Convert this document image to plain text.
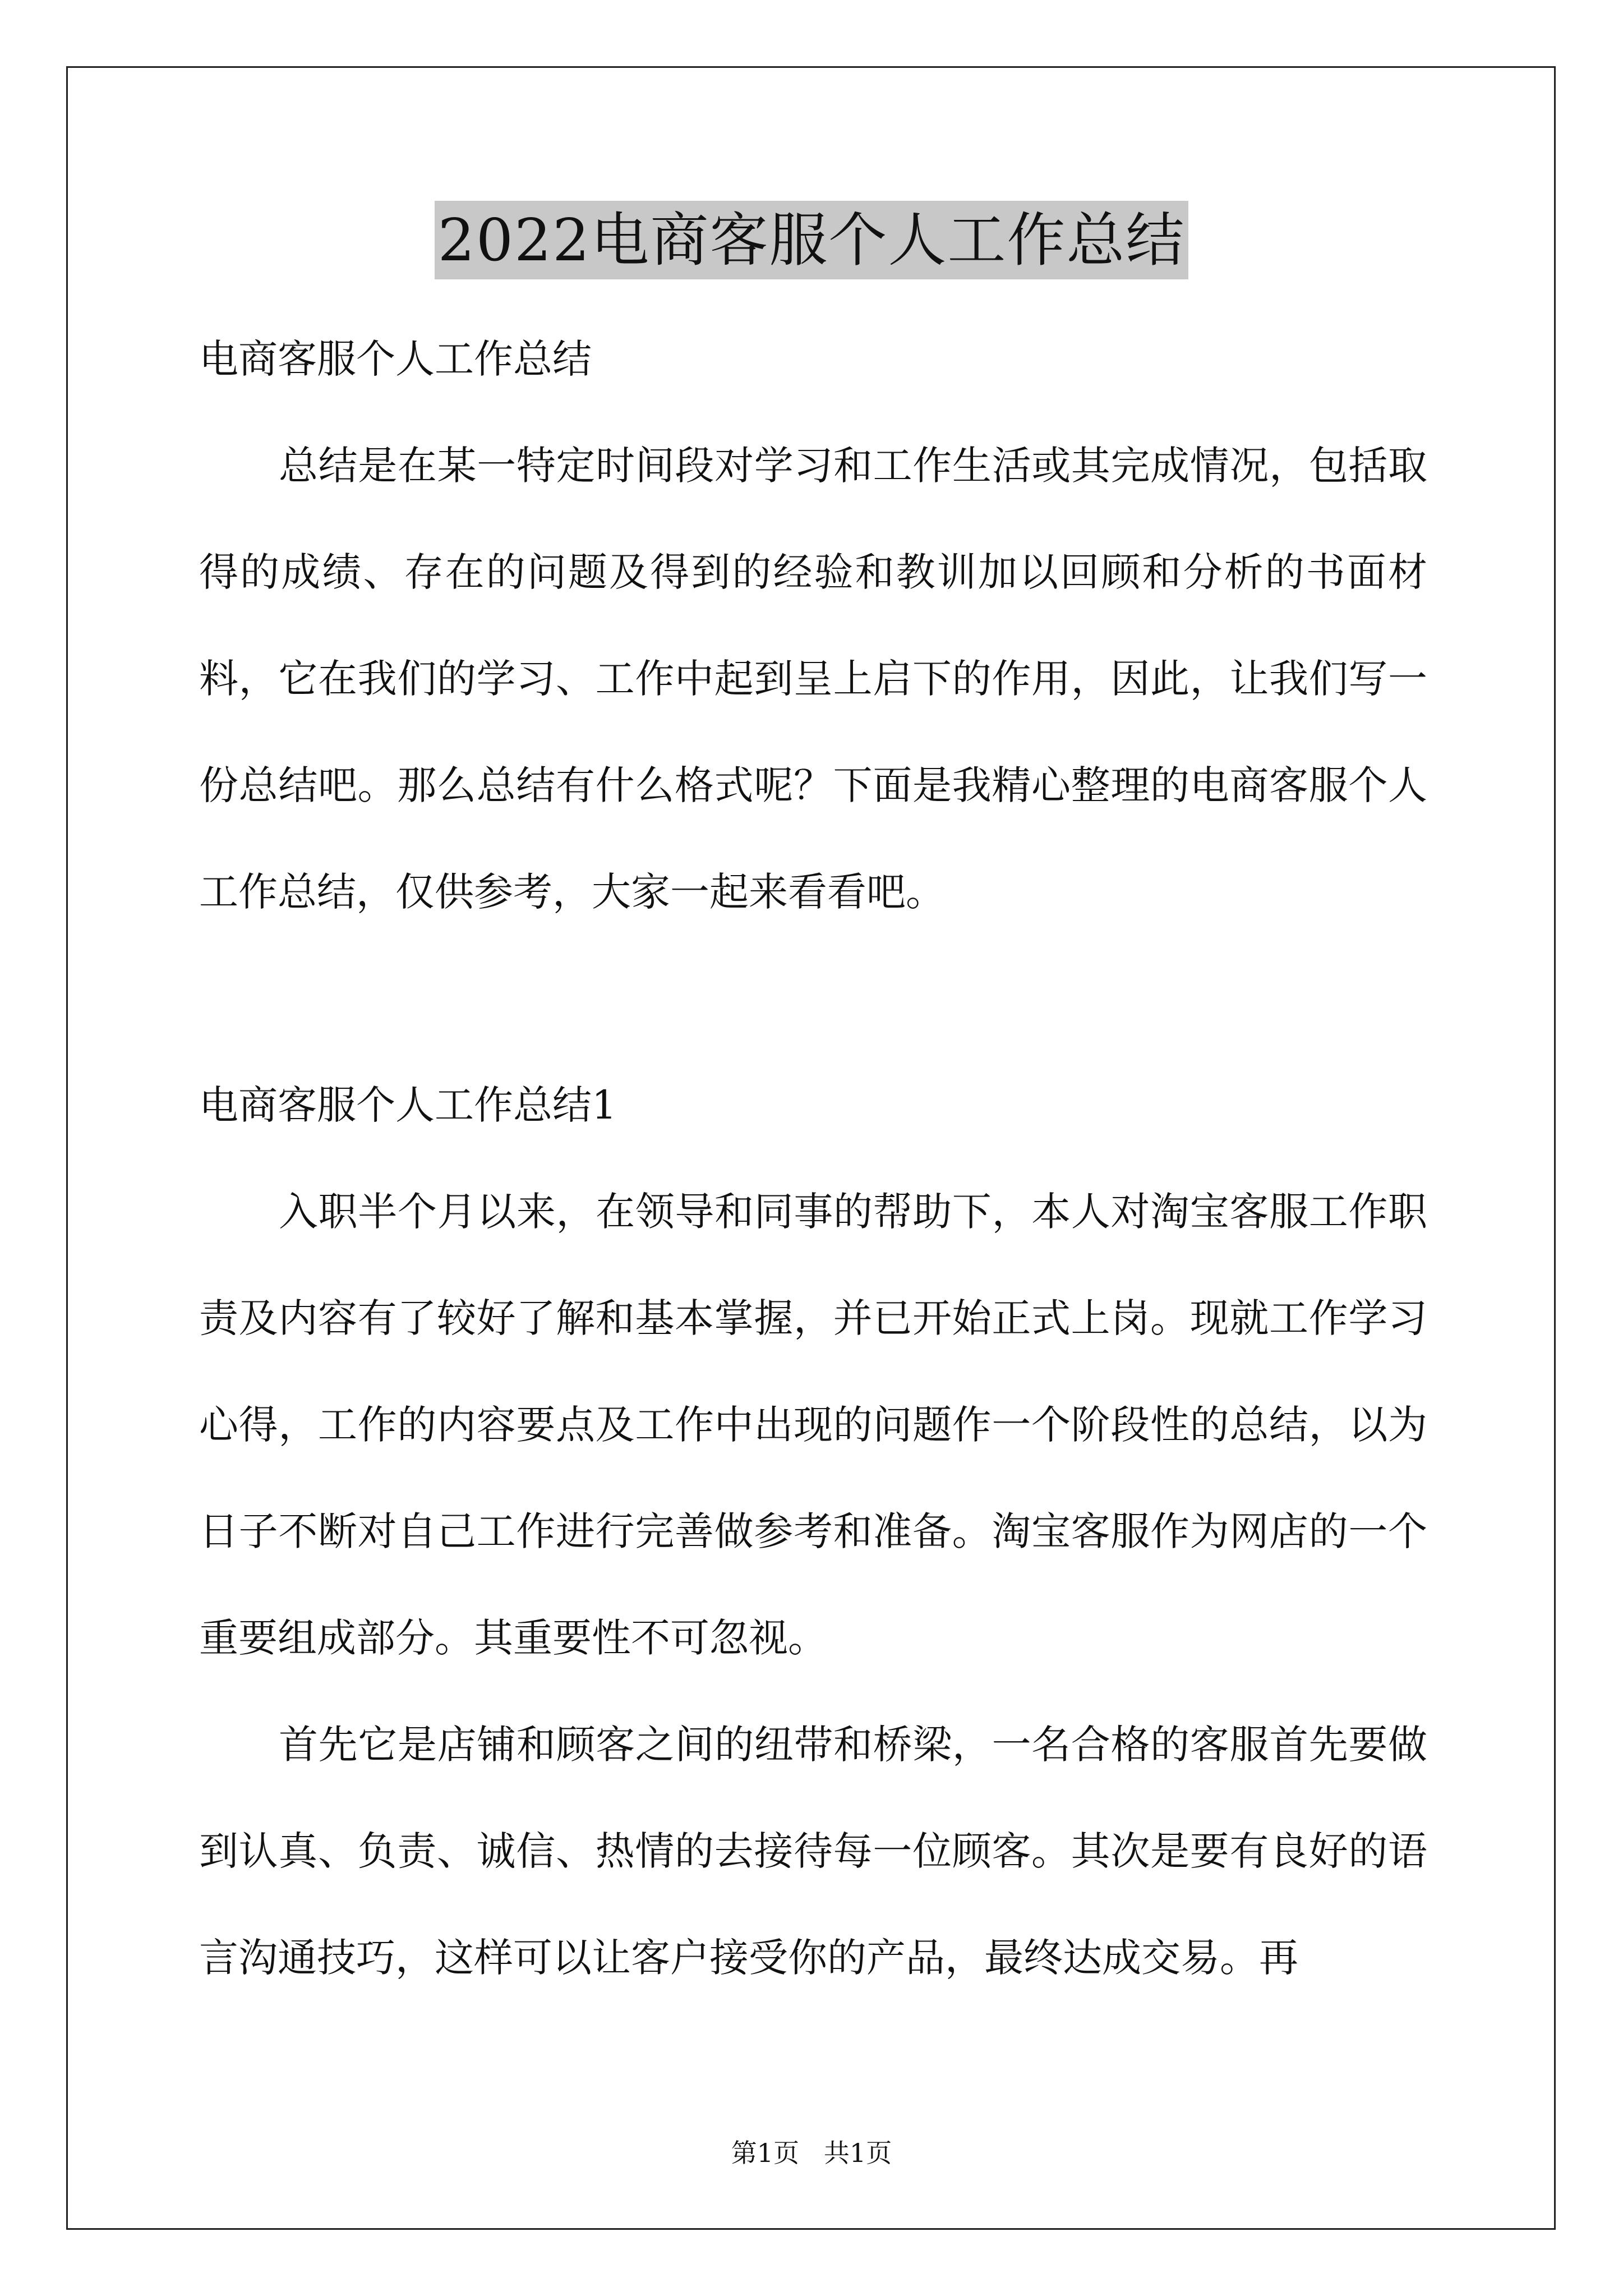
2022电商客服个人工作总结

电商客服个人工作总结

总结是在某一特定时间段对学习和工作生活或其完成情况，包括取得的成绩、存在的问题及得到的经验和教训加以回顾和分析的书面材料，它在我们的学习、工作中起到呈上启下的作用，因此，让我们写一份总结吧。那么总结有什么格式呢？下面是我精心整理的电商客服个人工作总结，仅供参考，大家一起来看看吧。

电商客服个人工作总结1

入职半个月以来，在领导和同事的帮助下，本人对淘宝客服工作职责及内容有了较好了解和基本掌握，并已开始正式上岗。现就工作学习心得，工作的内容要点及工作中出现的问题作一个阶段性的总结，以为日子不断对自己工作进行完善做参考和准备。淘宝客服作为网店的一个重要组成部分。其重要性不可忽视。

首先它是店铺和顾客之间的纽带和桥梁，一名合格的客服首先要做到认真、负责、诚信、热情的去接待每一位顾客。其次是要有良好的语言沟通技巧，这样可以让客户接受你的产品，最终达成交易。再

第1页   共1页
